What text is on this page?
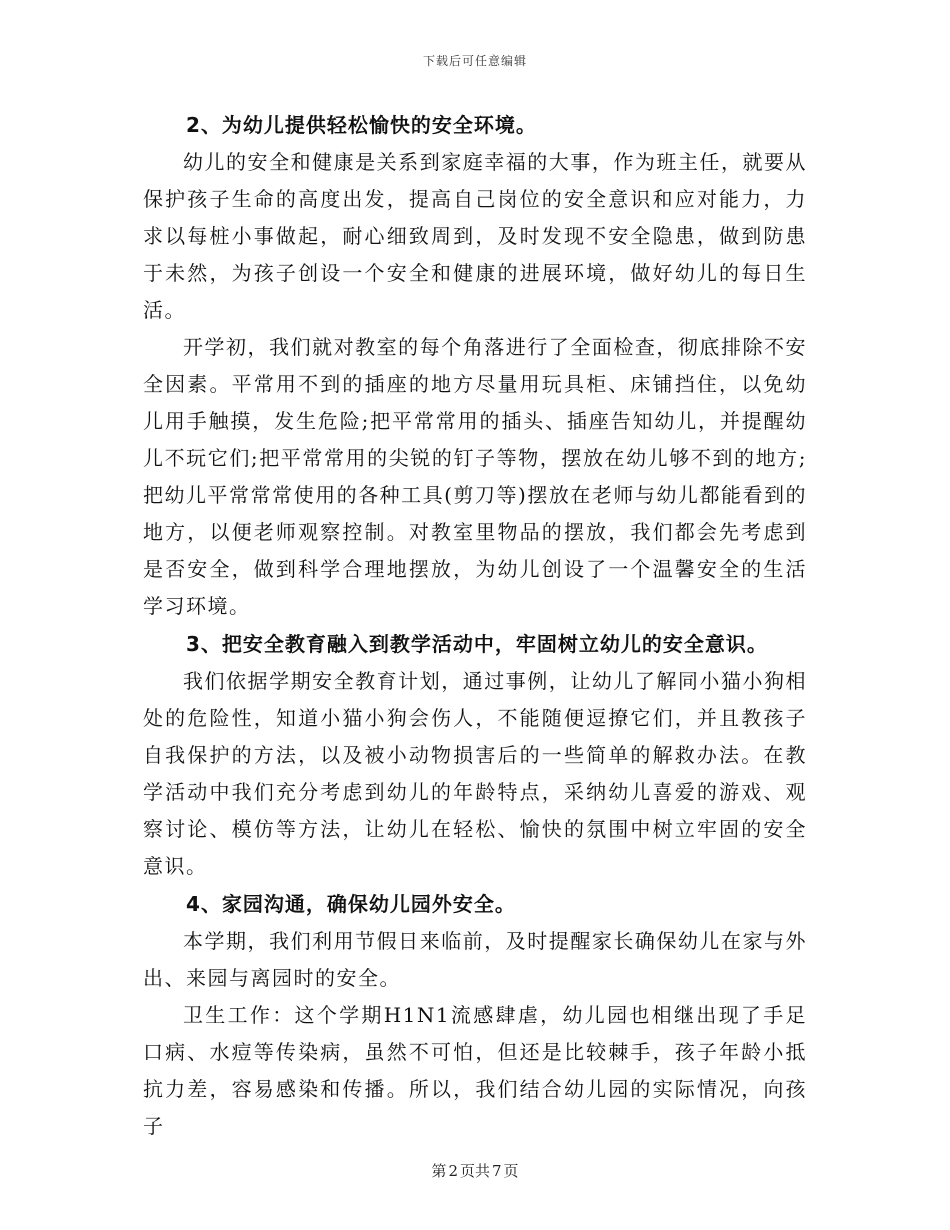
下载后可任意编辑

2、为幼儿提供轻松愉快的安全环境。

幼儿的安全和健康是关系到家庭幸福的大事，作为班主任，就要从保护孩子生命的高度出发，提高自己岗位的安全意识和应对能力，力求以每桩小事做起，耐心细致周到，及时发现不安全隐患，做到防患于未然，为孩子创设一个安全和健康的进展环境，做好幼儿的每日生活。

开学初，我们就对教室的每个角落进行了全面检查，彻底排除不安全因素。平常用不到的插座的地方尽量用玩具柜、床铺挡住，以免幼儿用手触摸，发生危险;把平常常用的插头、插座告知幼儿，并提醒幼儿不玩它们;把平常常用的尖锐的钉子等物，摆放在幼儿够不到的地方;把幼儿平常常常使用的各种工具(剪刀等)摆放在老师与幼儿都能看到的地方，以便老师观察控制。对教室里物品的摆放，我们都会先考虑到是否安全，做到科学合理地摆放，为幼儿创设了一个温馨安全的生活学习环境。

3、把安全教育融入到教学活动中，牢固树立幼儿的安全意识。

我们依据学期安全教育计划，通过事例，让幼儿了解同小猫小狗相处的危险性，知道小猫小狗会伤人，不能随便逗撩它们，并且教孩子自我保护的方法，以及被小动物损害后的一些简单的解救办法。在教学活动中我们充分考虑到幼儿的年龄特点，采纳幼儿喜爱的游戏、观察讨论、模仿等方法，让幼儿在轻松、愉快的氛围中树立牢固的安全意识。

4、家园沟通，确保幼儿园外安全。

本学期，我们利用节假日来临前，及时提醒家长确保幼儿在家与外出、来园与离园时的安全。

卫生工作：这个学期H1N1流感肆虐，幼儿园也相继出现了手足口病、水痘等传染病，虽然不可怕，但还是比较棘手，孩子年龄小抵抗力差，容易感染和传播。所以，我们结合幼儿园的实际情况，向孩子

第 2 页共 7 页
